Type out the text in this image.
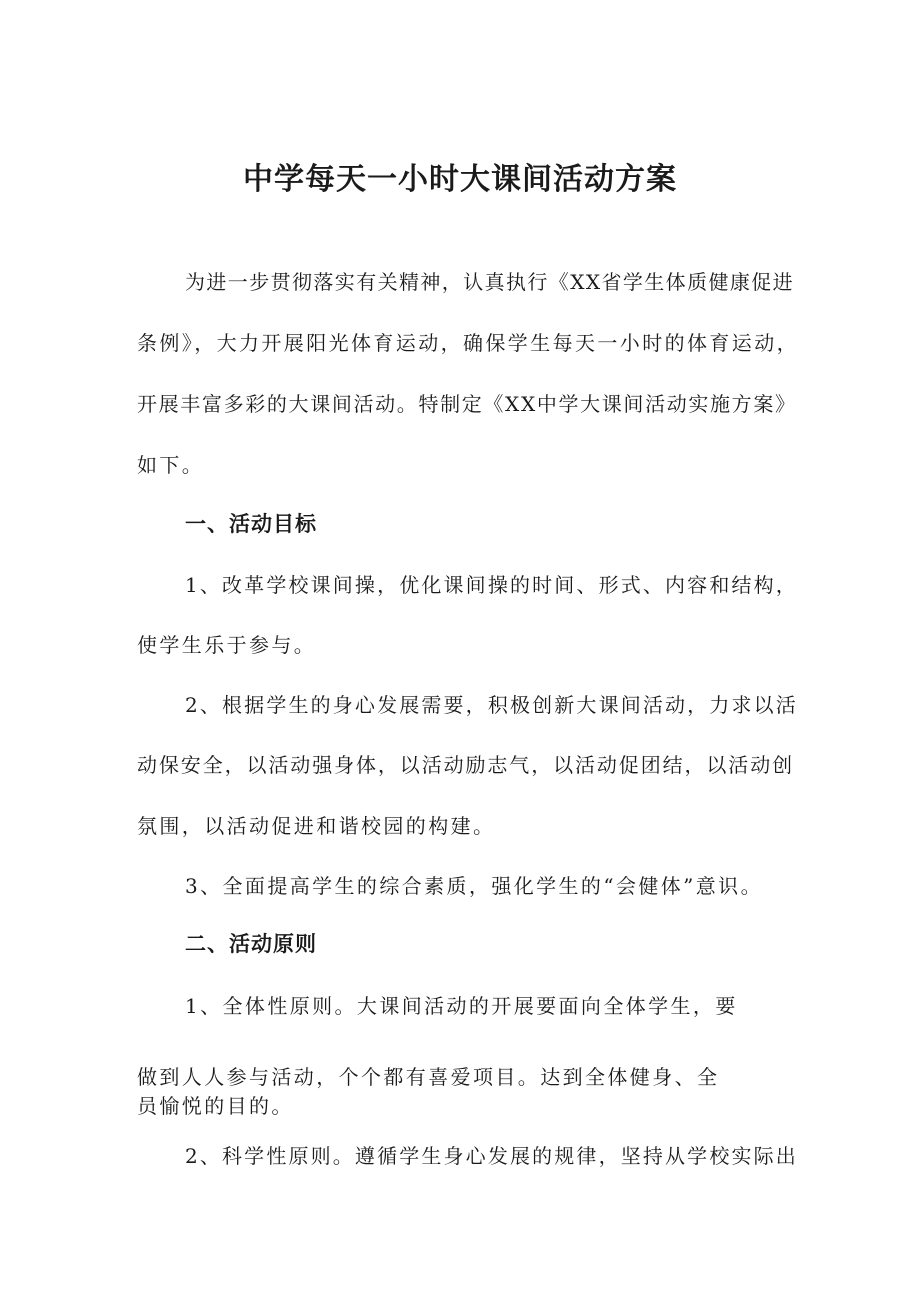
中学每天一小时大课间活动方案
为进一步贯彻落实有关精神，认真执行《XX省学生体质健康促进
条例》，大力开展阳光体育运动，确保学生每天一小时的体育运动，
开展丰富多彩的大课间活动。特制定《XX中学大课间活动实施方案》
如下。
一、活动目标
1、改革学校课间操，优化课间操的时间、形式、内容和结构，
使学生乐于参与。
2、根据学生的身心发展需要，积极创新大课间活动，力求以活
动保安全，以活动强身体，以活动励志气，以活动促团结，以活动创
氛围，以活动促进和谐校园的构建。
3、全面提高学生的综合素质，强化学生的“会健体”意识。
二、活动原则
1、全体性原则。大课间活动的开展要面向全体学生，要
做到人人参与活动，个个都有喜爱项目。达到全体健身、全
员愉悦的目的。
2、科学性原则。遵循学生身心发展的规律，坚持从学校实际出
